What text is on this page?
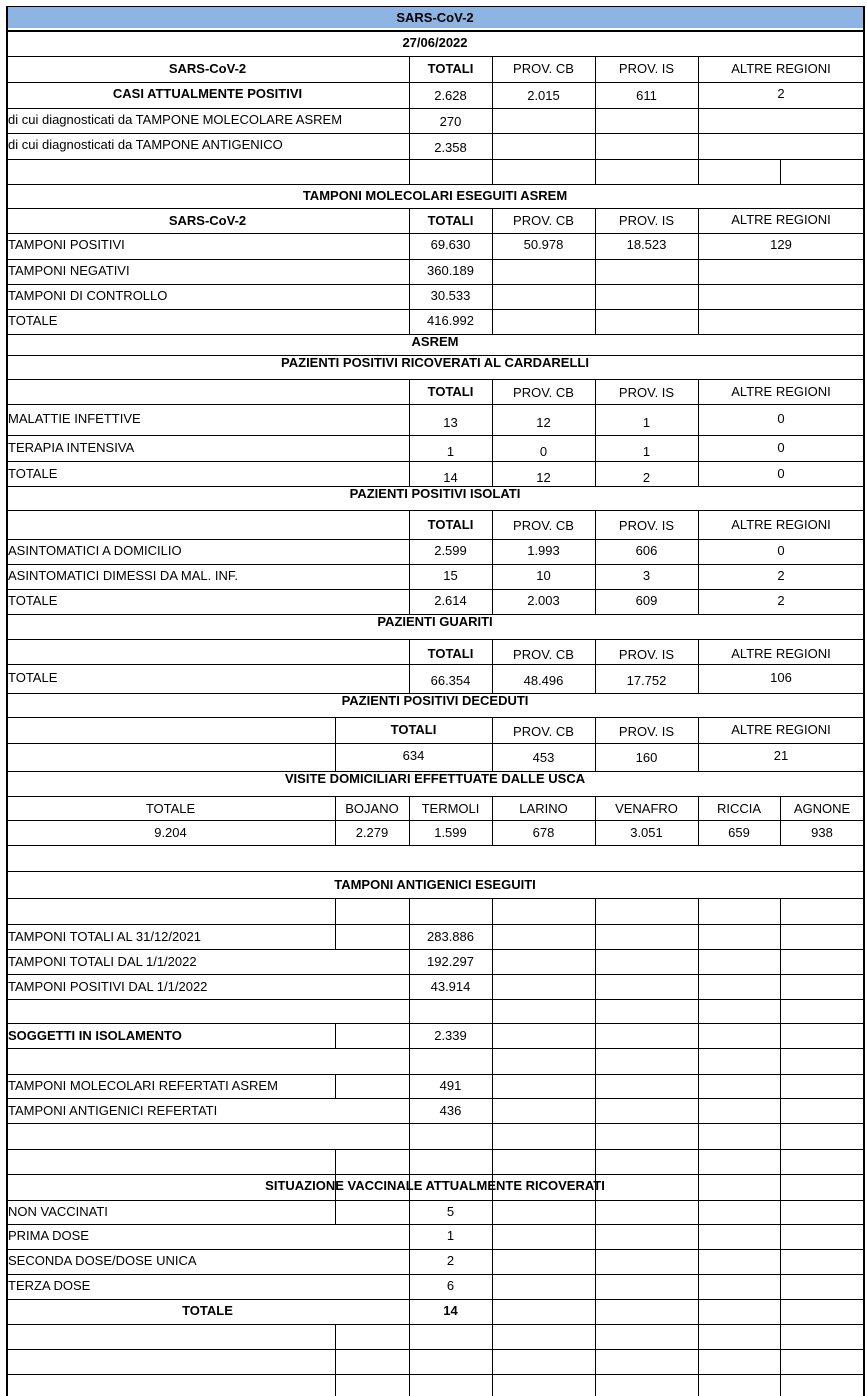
SARS-CoV-2
27/06/2022
SARS-CoV-2	TOTALI	PROV. CB	PROV. IS	ALTRE REGIONI
CASI ATTUALMENTE POSITIVI	2.628	2.015	611	2
di cui diagnosticati da TAMPONE MOLECOLARE ASREM	270
di cui diagnosticati da TAMPONE ANTIGENICO	2.358
TAMPONI MOLECOLARI ESEGUITI ASREM
SARS-CoV-2	TOTALI	PROV. CB	PROV. IS	ALTRE REGIONI
TAMPONI POSITIVI	69.630	50.978	18.523	129
TAMPONI NEGATIVI	360.189
TAMPONI DI CONTROLLO	30.533
TOTALE	416.992
ASREM
PAZIENTI POSITIVI RICOVERATI AL CARDARELLI
TOTALI	PROV. CB	PROV. IS	ALTRE REGIONI
MALATTIE INFETTIVE	13	12	1	0
TERAPIA INTENSIVA	1	0	1	0
TOTALE	14	12	2	0
PAZIENTI POSITIVI ISOLATI
TOTALI	PROV. CB	PROV. IS	ALTRE REGIONI
ASINTOMATICI A DOMICILIO	2.599	1.993	606	0
ASINTOMATICI DIMESSI DA MAL. INF.	15	10	3	2
TOTALE	2.614	2.003	609	2
PAZIENTI GUARITI
TOTALI	PROV. CB	PROV. IS	ALTRE REGIONI
TOTALE	66.354	48.496	17.752	106
PAZIENTI POSITIVI DECEDUTI
TOTALI	PROV. CB	PROV. IS	ALTRE REGIONI
634	453	160	21
VISITE DOMICILIARI EFFETTUATE DALLE USCA
TOTALE	BOJANO	TERMOLI	LARINO	VENAFRO	RICCIA	AGNONE
9.204	2.279	1.599	678	3.051	659	938
TAMPONI ANTIGENICI ESEGUITI
TAMPONI TOTALI AL 31/12/2021	283.886
TAMPONI TOTALI DAL 1/1/2022	192.297
TAMPONI POSITIVI DAL 1/1/2022	43.914
SOGGETTI IN ISOLAMENTO	2.339
TAMPONI MOLECOLARI REFERTATI ASREM	491
TAMPONI ANTIGENICI REFERTATI	436
SITUAZIONE VACCINALE ATTUALMENTE RICOVERATI
NON VACCINATI	5
PRIMA DOSE	1
SECONDA DOSE/DOSE UNICA	2
TERZA DOSE	6
TOTALE	14
